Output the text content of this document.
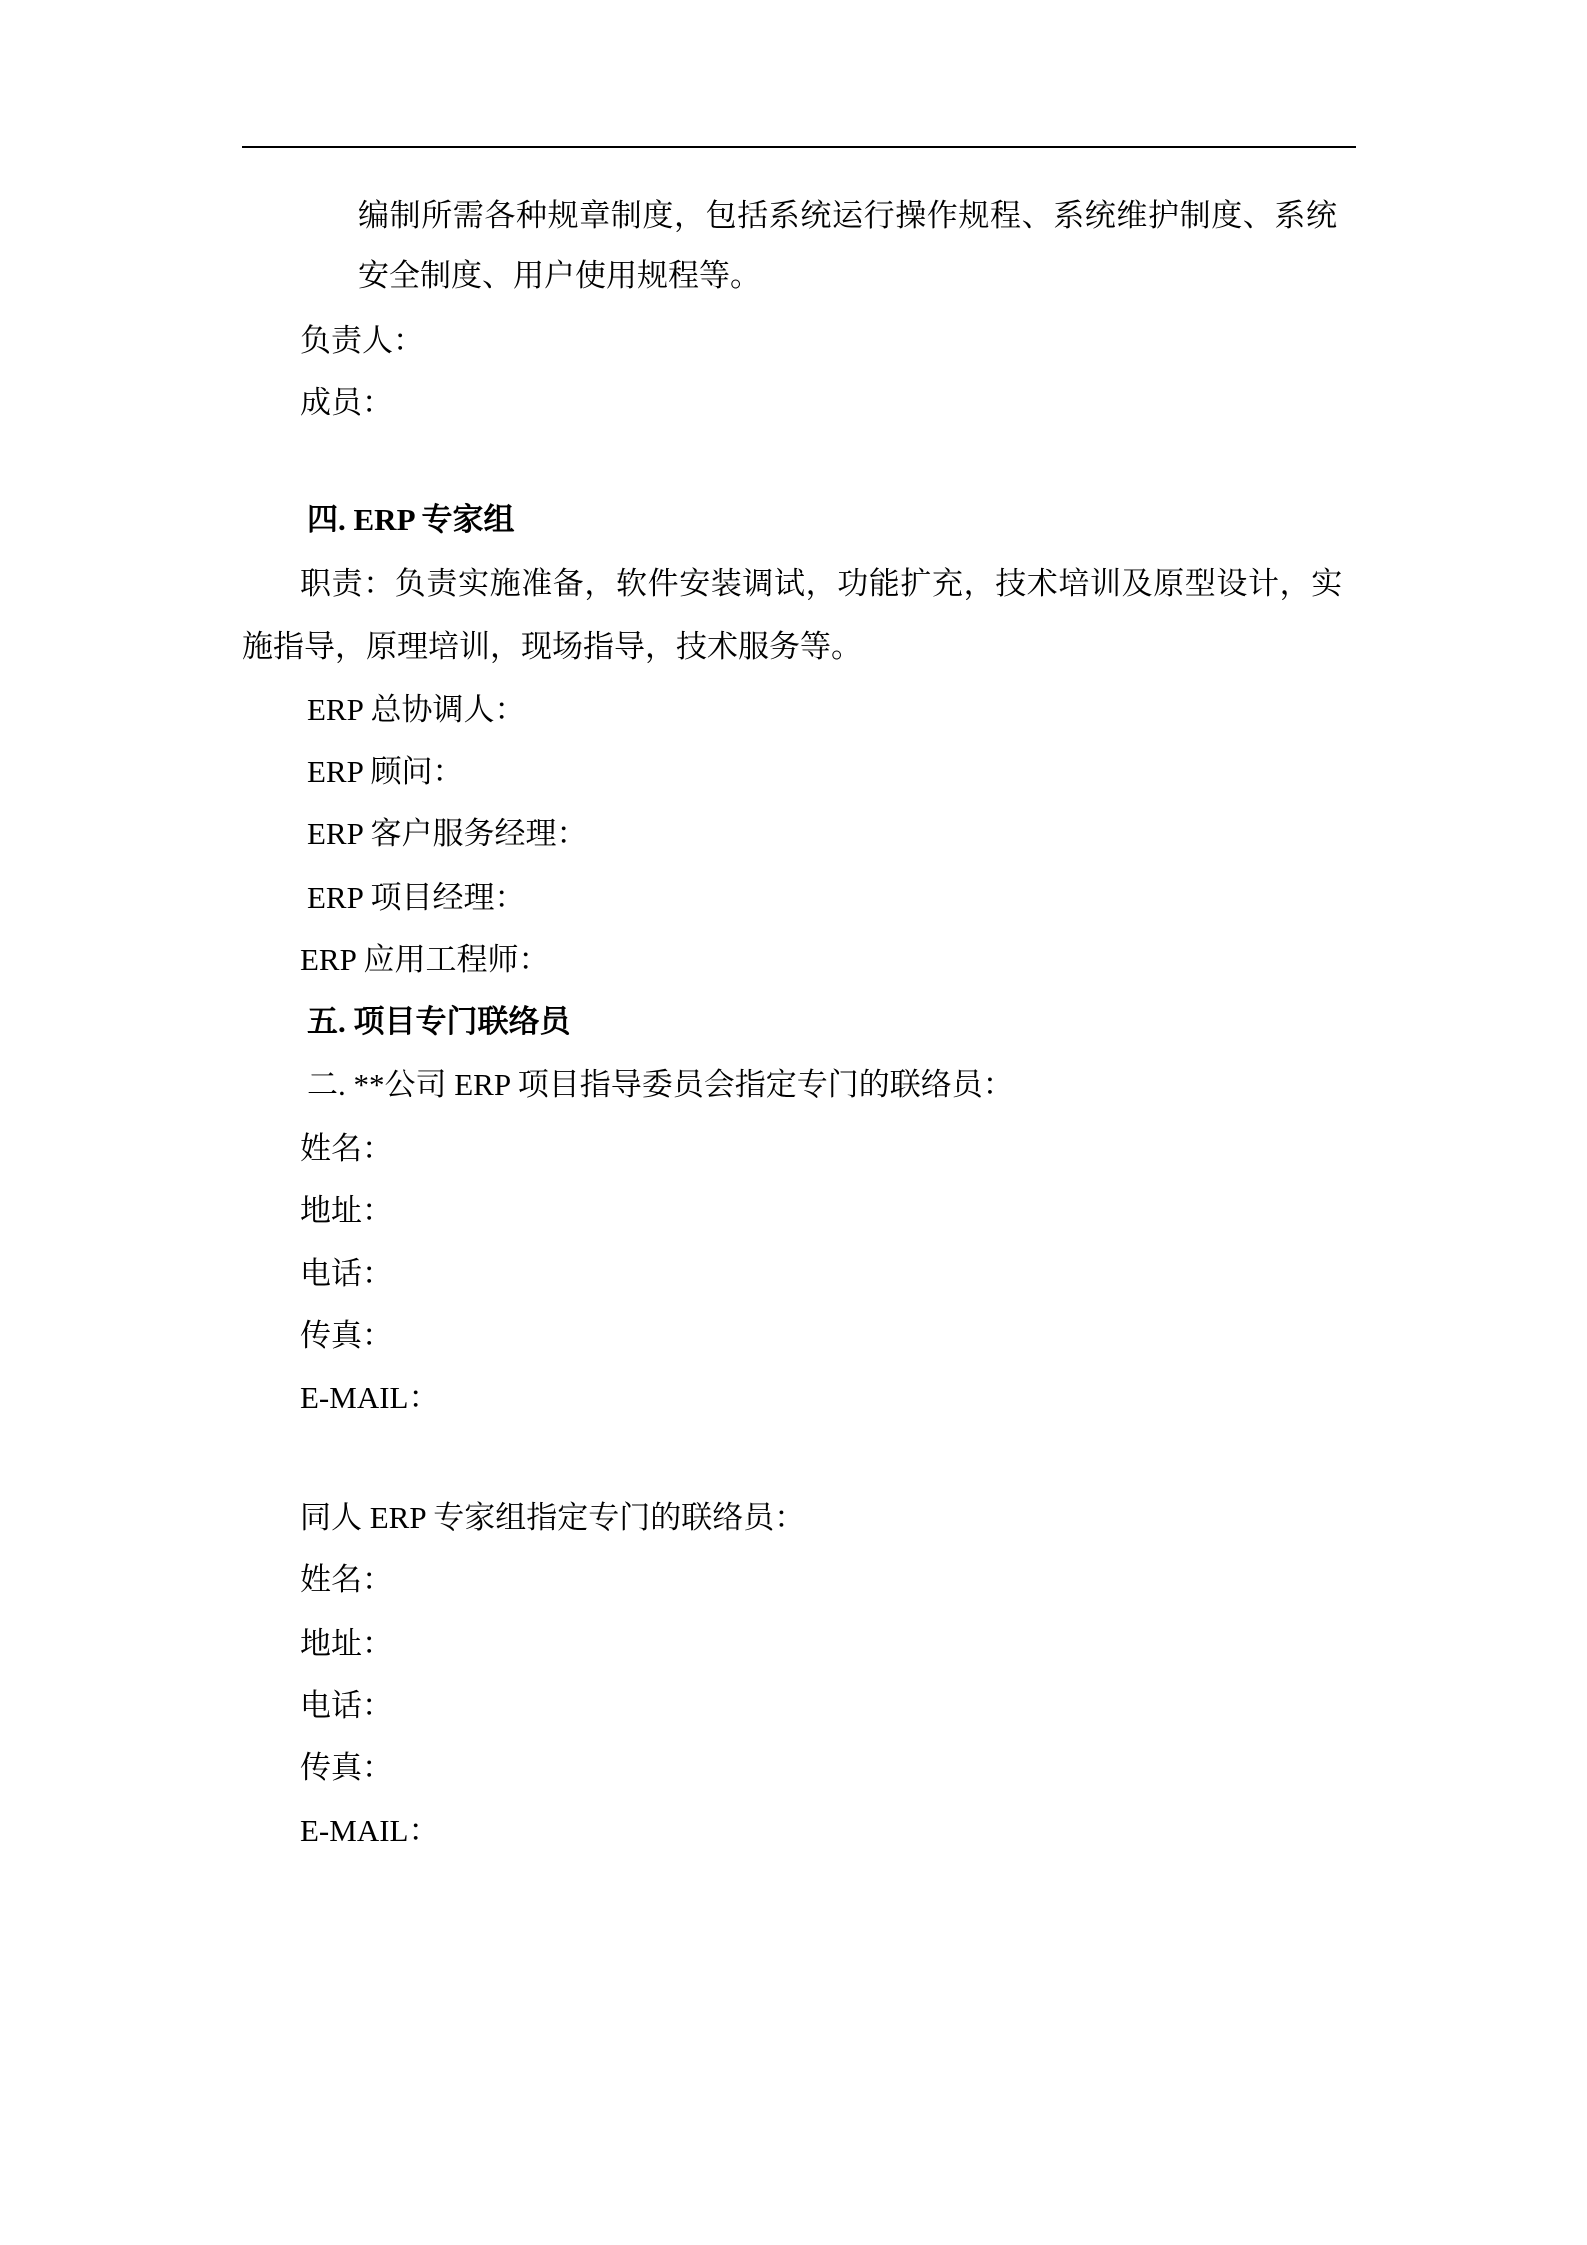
编制所需各种规章制度，包括系统运行操作规程、系统维护制度、系统
安全制度、用户使用规程等。
负责人：
成员：
四. ERP 专家组
职责：负责实施准备，软件安装调试，功能扩充，技术培训及原型设计，实
施指导，原理培训，现场指导，技术服务等。
ERP 总协调人：
ERP 顾问：
ERP 客户服务经理：
ERP 项目经理：
ERP 应用工程师：
五. 项目专门联络员
二. **公司 ERP 项目指导委员会指定专门的联络员：
姓名：
地址：
电话：
传真：
E-MAIL：
同人 ERP 专家组指定专门的联络员：
姓名：
地址：
电话：
传真：
E-MAIL：
